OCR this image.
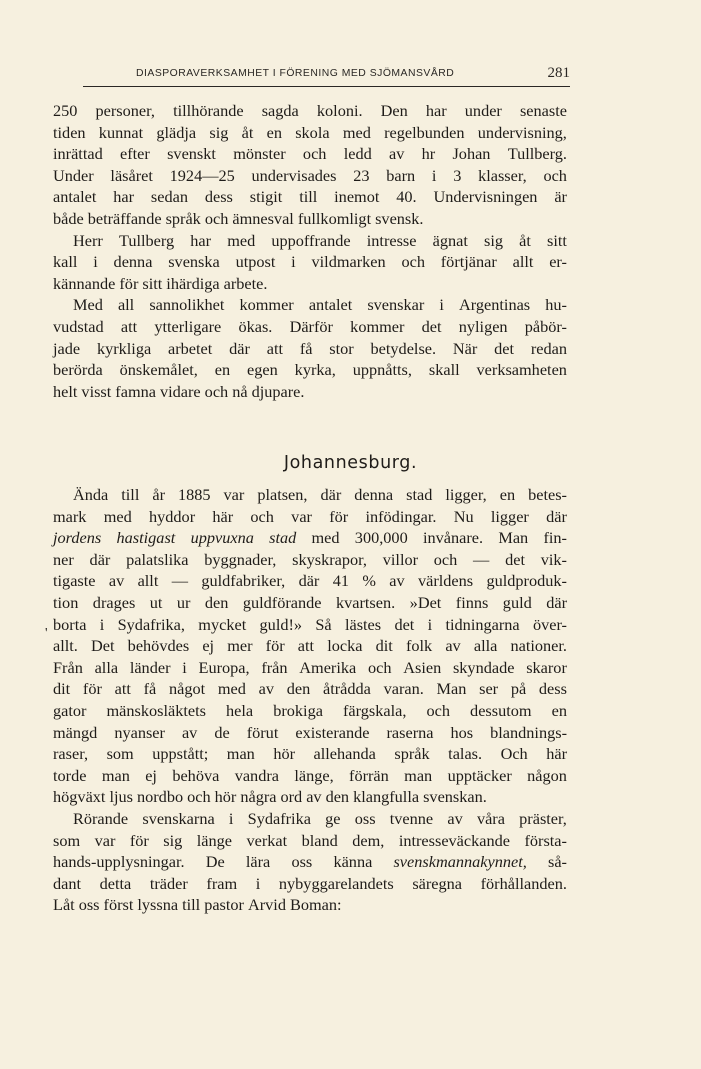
DIASPORAVERKSAMHET I FÖRENING MED SJÖMANSVÅRD	281
250 personer, tillhörande sagda koloni. Den har under senaste
tiden kunnat glädja sig åt en skola med regelbunden undervisning,
inrättad efter svenskt mönster och ledd av hr Johan Tullberg.
Under läsåret 1924—25 undervisades 23 barn i 3 klasser, och
antalet har sedan dess stigit till inemot 40. Undervisningen är
både beträffande språk och ämnesval fullkomligt svensk.
Herr Tullberg har med uppoffrande intresse ägnat sig åt sitt
kall i denna svenska utpost i vildmarken och förtjänar allt er-
kännande för sitt ihärdiga arbete.
Med all sannolikhet kommer antalet svenskar i Argentinas hu-
vudstad att ytterligare ökas. Därför kommer det nyligen påbör-
jade kyrkliga arbetet där att få stor betydelse. När det redan
berörda önskemålet, en egen kyrka, uppnåtts, skall verksamheten
helt visst famna vidare och nå djupare.
Johannesburg.
Ända till år 1885 var platsen, där denna stad ligger, en betes-
mark med hyddor här och var för infödingar. Nu ligger där
jordens hastigast uppvuxna stad med 300,000 invånare. Man fin-
ner där palatslika byggnader, skyskrapor, villor och — det vik-
tigaste av allt — guldfabriker, där 41 % av världens guldproduk-
tion drages ut ur den guldförande kvartsen. »Det finns guld där
borta i Sydafrika, mycket guld!» Så lästes det i tidningarna över-
allt. Det behövdes ej mer för att locka dit folk av alla nationer.
Från alla länder i Europa, från Amerika och Asien skyndade skaror
dit för att få något med av den åtrådda varan. Man ser på dess
gator mänskosläktets hela brokiga färgskala, och dessutom en
mängd nyanser av de förut existerande raserna hos blandnings-
raser, som uppstått; man hör allehanda språk talas. Och här
torde man ej behöva vandra länge, förrän man upptäcker någon
högväxt ljus nordbo och hör några ord av den klangfulla svenskan.
Rörande svenskarna i Sydafrika ge oss tvenne av våra präster,
som var för sig länge verkat bland dem, intresseväckande första-
hands-upplysningar. De lära oss känna svenskmannakynnet, så-
dant detta träder fram i nybyggarelandets säregna förhållanden.
Låt oss först lyssna till pastor Arvid Boman:
'
